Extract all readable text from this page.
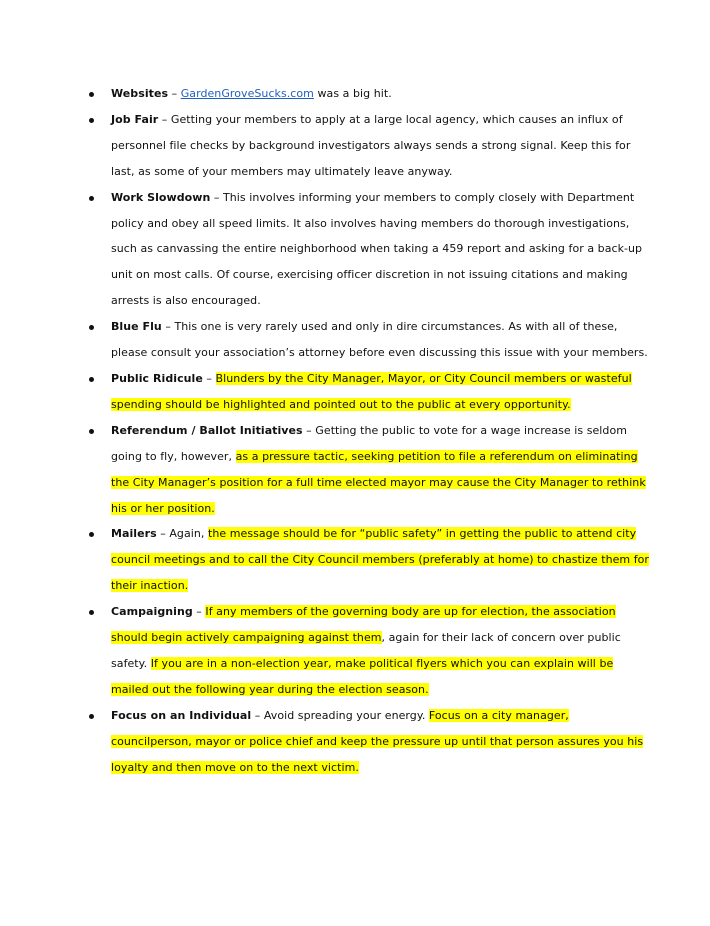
Websites – GardenGroveSucks.com was a big hit.
Job Fair – Getting your members to apply at a large local agency, which causes an influx of personnel file checks by background investigators always sends a strong signal. Keep this for last, as some of your members may ultimately leave anyway.
Work Slowdown – This involves informing your members to comply closely with Department policy and obey all speed limits. It also involves having members do thorough investigations, such as canvassing the entire neighborhood when taking a 459 report and asking for a back-up unit on most calls. Of course, exercising officer discretion in not issuing citations and making arrests is also encouraged.
Blue Flu – This one is very rarely used and only in dire circumstances. As with all of these, please consult your association’s attorney before even discussing this issue with your members.
Public Ridicule – Blunders by the City Manager, Mayor, or City Council members or wasteful spending should be highlighted and pointed out to the public at every opportunity.
Referendum / Ballot Initiatives – Getting the public to vote for a wage increase is seldom going to fly, however, as a pressure tactic, seeking petition to file a referendum on eliminating the City Manager’s position for a full time elected mayor may cause the City Manager to rethink his or her position.
Mailers – Again, the message should be for “public safety” in getting the public to attend city council meetings and to call the City Council members (preferably at home) to chastize them for their inaction.
Campaigning – If any members of the governing body are up for election, the association should begin actively campaigning against them, again for their lack of concern over public safety. If you are in a non-election year, make political flyers which you can explain will be mailed out the following year during the election season.
Focus on an Individual – Avoid spreading your energy. Focus on a city manager, councilperson, mayor or police chief and keep the pressure up until that person assures you his loyalty and then move on to the next victim.
